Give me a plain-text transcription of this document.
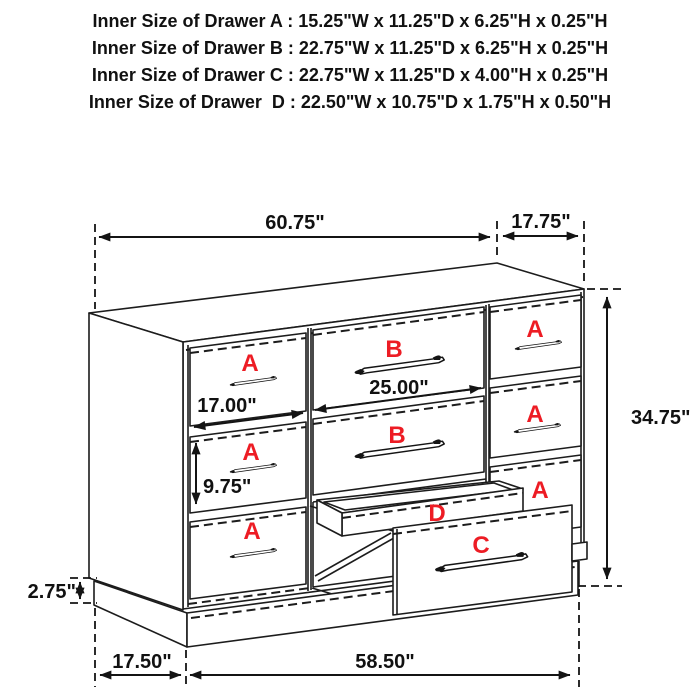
Inner Size of Drawer A : 15.25"W x 11.25"D x 6.25"H x 0.25"H
Inner Size of Drawer B : 22.75"W x 11.25"D x 6.25"H x 0.25"H
Inner Size of Drawer C : 22.75"W x 11.25"D x 4.00"H x 0.25"H
Inner Size of Drawer  D : 22.50"W x 10.75"D x 1.75"H x 0.50"H
A
A
A
B
B
A
A
A
D
C
60.75"	17.75"
34.75"
17.00"
25.00"
9.75"
2.75"
17.50"	58.50"
